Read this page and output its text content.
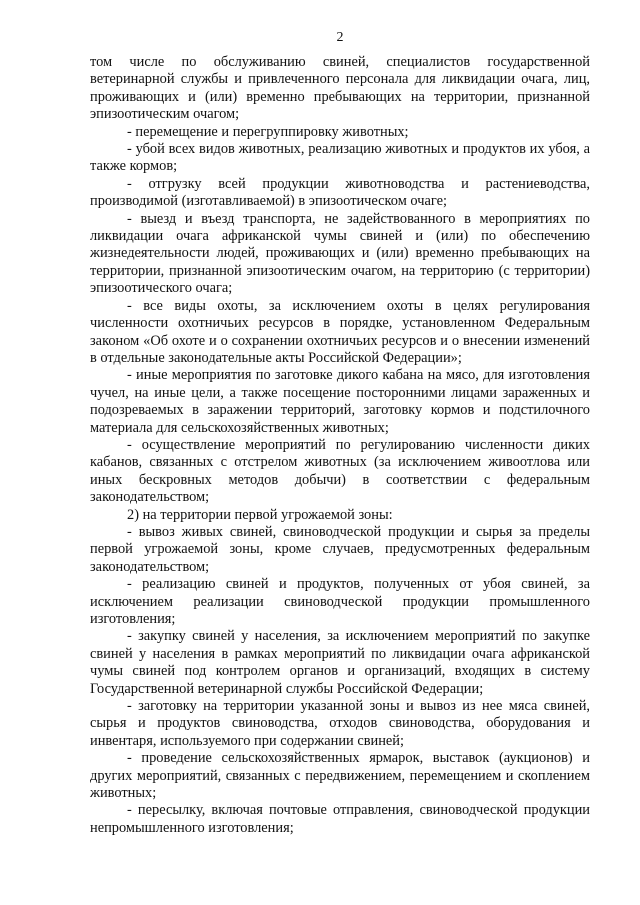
2

том числе по обслуживанию свиней, специалистов государственной ветеринарной службы и привлеченного персонала для ликвидации очага, лиц, проживающих и (или) временно пребывающих на территории, признанной эпизоотическим очагом;

- перемещение и перегруппировку животных;

- убой всех видов животных, реализацию животных и продуктов их убоя, а также кормов;

- отгрузку всей продукции животноводства и растениеводства, производимой (изготавливаемой) в эпизоотическом очаге;

- выезд и въезд транспорта, не задействованного в мероприятиях по ликвидации очага африканской чумы свиней и (или) по обеспечению жизнедеятельности людей, проживающих и (или) временно пребывающих на территории, признанной эпизоотическим очагом, на территорию (с территории) эпизоотического очага;

- все виды охоты, за исключением охоты в целях регулирования численности охотничьих ресурсов в порядке, установленном Федеральным законом «Об охоте и о сохранении охотничьих ресурсов и о внесении изменений в отдельные законодательные акты Российской Федерации»;

- иные мероприятия по заготовке дикого кабана на мясо, для изготовления чучел, на иные цели, а также посещение посторонними лицами зараженных и подозреваемых в заражении территорий, заготовку кормов и подстилочного материала для сельскохозяйственных животных;

- осуществление мероприятий по регулированию численности диких кабанов, связанных с отстрелом животных (за исключением живоотлова или иных бескровных методов добычи) в соответствии с федеральным законодательством;

2) на территории первой угрожаемой зоны:

- вывоз живых свиней, свиноводческой продукции и сырья за пределы первой угрожаемой зоны, кроме случаев, предусмотренных федеральным законодательством;

- реализацию свиней и продуктов, полученных от убоя свиней, за исключением реализации свиноводческой продукции промышленного изготовления;

- закупку свиней у населения, за исключением мероприятий по закупке свиней у населения в рамках мероприятий по ликвидации очага африканской чумы свиней под контролем органов и организаций, входящих в систему Государственной ветеринарной службы Российской Федерации;

- заготовку на территории указанной зоны и вывоз из нее мяса свиней, сырья и продуктов свиноводства, отходов свиноводства, оборудования и инвентаря, используемого при содержании свиней;

- проведение сельскохозяйственных ярмарок, выставок (аукционов) и других мероприятий, связанных с передвижением, перемещением и скоплением животных;

- пересылку, включая почтовые отправления, свиноводческой продукции непромышленного изготовления;
